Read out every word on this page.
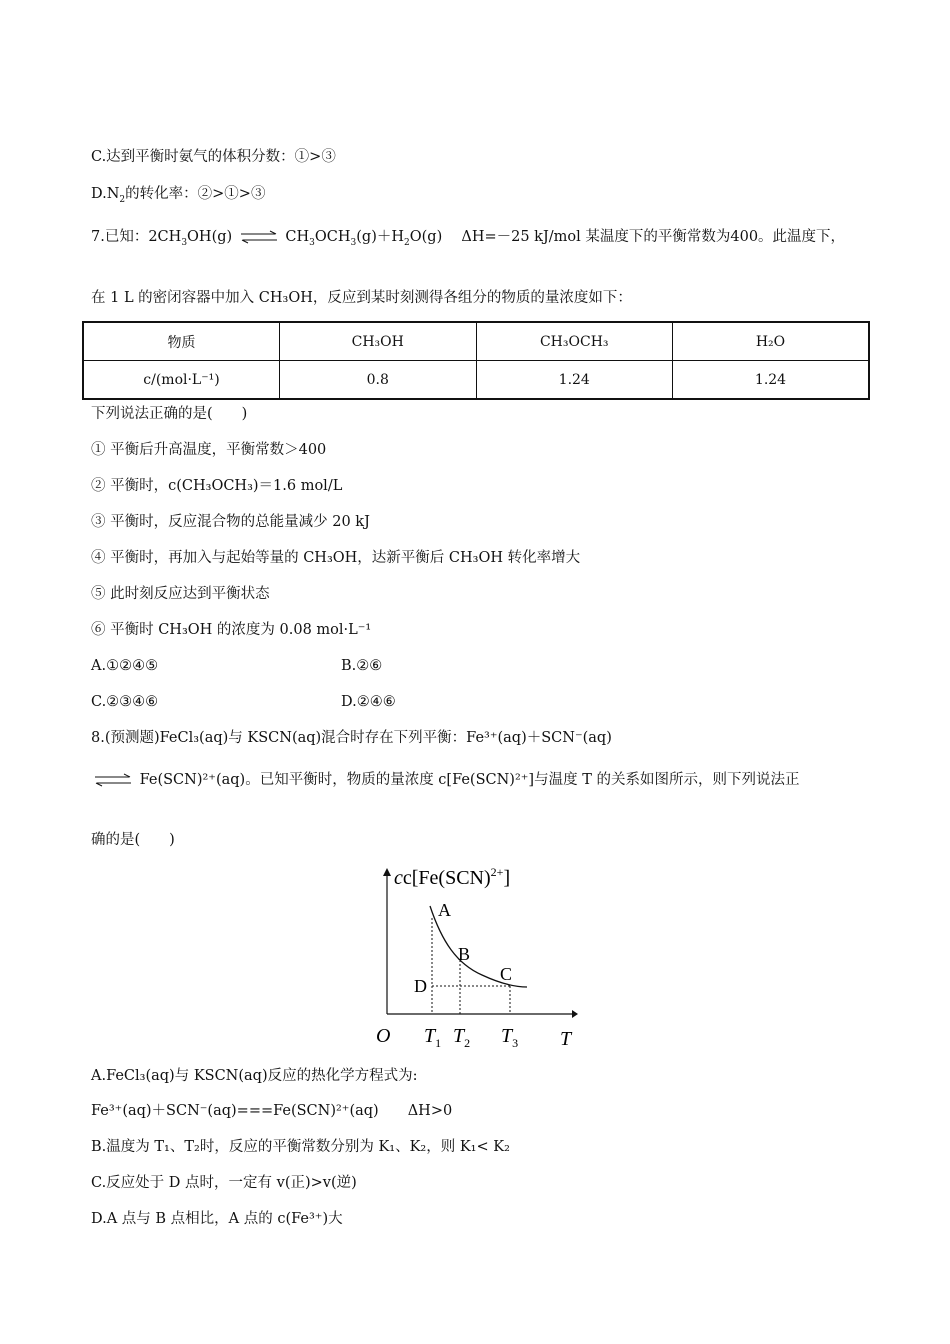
C.达到平衡时氨气的体积分数：①>③
$D.N_2$的转化率：②>①>③
7.已知：$2CH_3OH(g)$ ⇌ $CH_3OCH_3(g)+H_2O(g)$　 ΔH=－25 kJ/mol 某温度下的平衡常数为400。此温度下，
在 1 L 的密闭容器中加入 CH₃OH，反应到某时刻测得各组分的物质的量浓度如下：
物质	CH₃OH	CH₃OCH₃	H₂O
c/(mol·L⁻¹)	0.8	1.24	1.24
下列说法正确的是(　　)
① 平衡后升高温度，平衡常数＞400
② 平衡时，c(CH₃OCH₃)＝1.6 mol/L
③ 平衡时，反应混合物的总能量减少 20 kJ
④ 平衡时，再加入与起始等量的 CH₃OH，达新平衡后 CH₃OH 转化率增大
⑤ 此时刻反应达到平衡状态
⑥ 平衡时 CH₃OH 的浓度为 0.08 mol·L⁻¹
A.①②④⑤	B.②⑥
C.②③④⑥	D.②④⑥
8.(预测题)FeCl₃(aq)与 KSCN(aq)混合时存在下列平衡：Fe³⁺(aq)＋SCN⁻(aq)
⇌ Fe(SCN)²⁺(aq)。已知平衡时，物质的量浓度 c[Fe(SCN)²⁺]与温度 T 的关系如图所示，则下列说法正
确的是(　　)
cc[Fe(SCN)$^{2+}$]
A
B
C
D
O	T
$T_1$ $T_2$ $T_3$
A.FeCl₃(aq)与 KSCN(aq)反应的热化学方程式为:
Fe³⁺(aq)＋SCN⁻(aq)===Fe(SCN)²⁺(aq)　　ΔH>0
B.温度为 T₁、T₂时，反应的平衡常数分别为 K₁、K₂，则 K₁< K₂
C.反应处于 D 点时，一定有 v(正)>v(逆)
D.A 点与 B 点相比，A 点的 c(Fe³⁺)大
